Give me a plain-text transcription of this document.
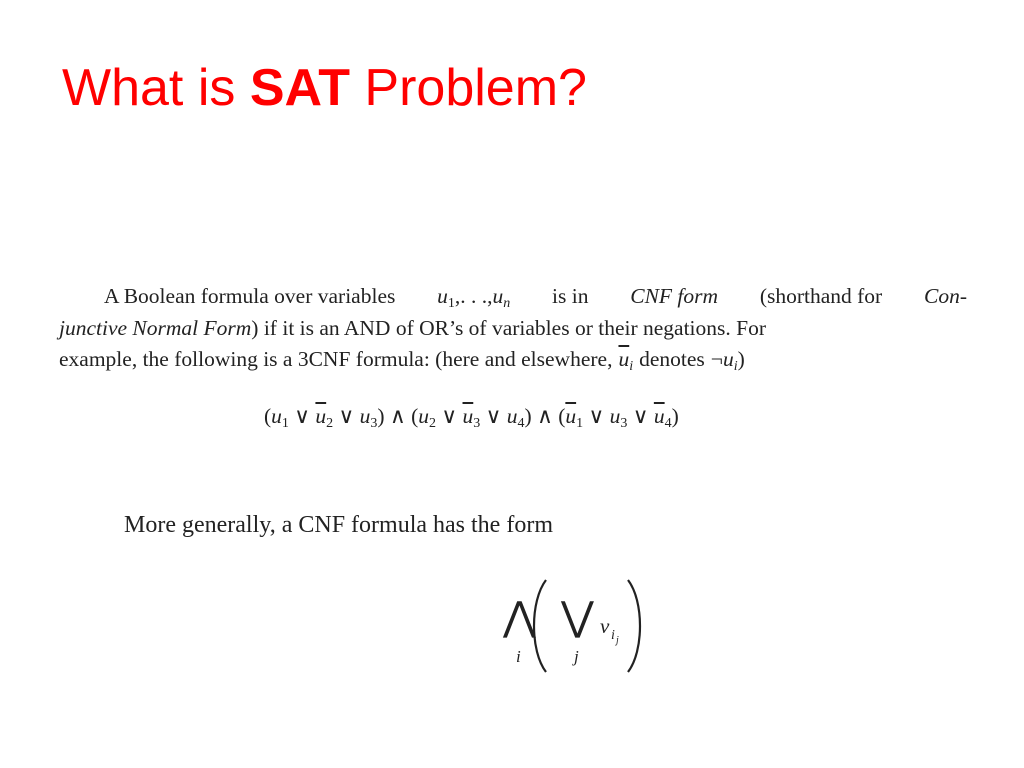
What is SAT Problem?
A Boolean formula over variables $u_1$,. . $.,u_n$ is in CNF form (shorthand for Con-
junctive Normal Form) if it is an AND of OR’s of variables or their negations. For
example, the following is a 3CNF formula: (here and elsewhere, $\overline{u}_i$ denotes $\neg u_i$)
($u_1$ ∨ $\overline{u}_2$ ∨ $u_3$) ∧ ($u_2$ ∨ $\overline{u}_3$ ∨ $u_4$) ∧ ($\overline{u}_1$ ∨ $u_3$ ∨ $\overline{u}_4$)
More generally, a CNF formula has the form
⋀
i
⋁
j
v i j
